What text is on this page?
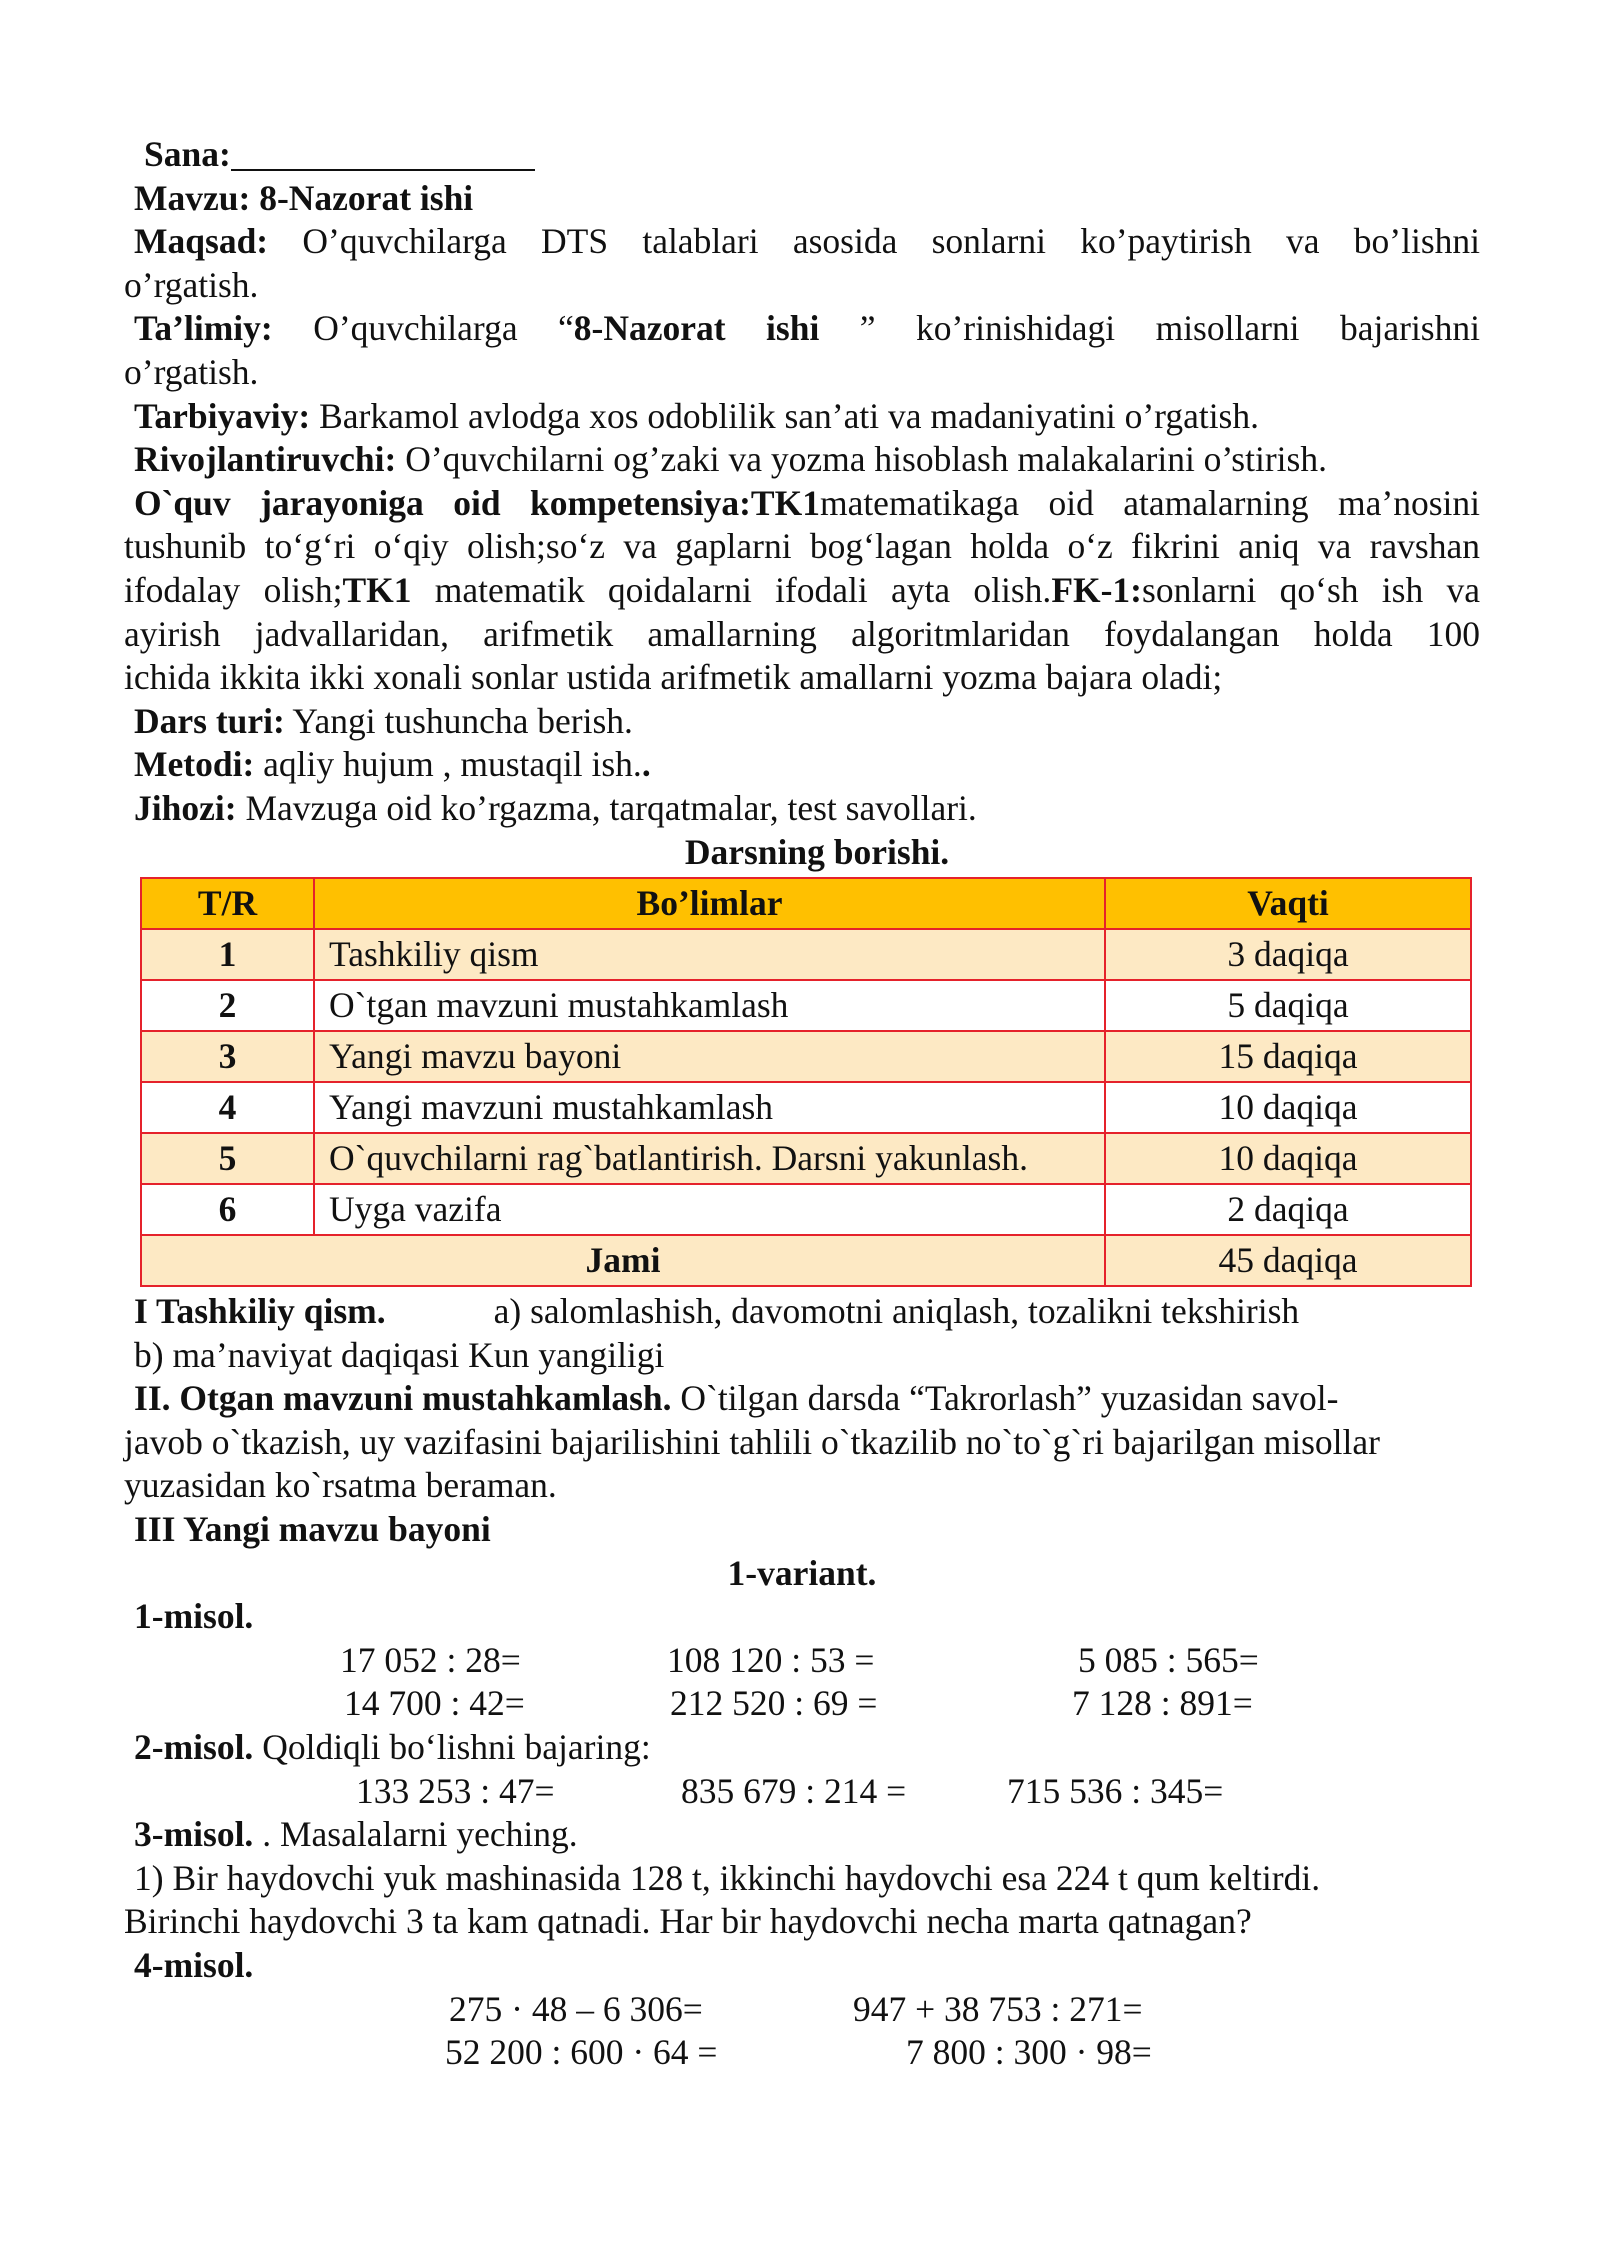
Sana:
Mavzu: 8-Nazorat ishi
Maqsad: O’quvchilarga DTS talablari asosida sonlarni ko’paytirish va bo’lishni
o’rgatish.
Ta’limiy: O’quvchilarga “8-Nazorat ishi ” ko’rinishidagi misollarni bajarishni
o’rgatish.
Tarbiyaviy: Barkamol avlodga xos odoblilik san’ati va madaniyatini o’rgatish.
Rivojlantiruvchi: O’quvchilarni og’zaki va yozma hisoblash malakalarini o’stirish.
O`quv jarayoniga oid kompetensiya:TK1matematikaga oid atamalarning ma’nosini
tushunib to‘g‘ri o‘qiy olish;so‘z va gaplarni bog‘lagan holda o‘z fikrini aniq va ravshan
ifodalay olish;TK1 matematik qoidalarni ifodali ayta olish.FK-1:sonlarni qo‘sh ish va
ayirish jadvallaridan, arifmetik amallarning algoritmlaridan foydalangan holda 100
ichida ikkita ikki xonali sonlar ustida arifmetik amallarni yozma bajara oladi;
Dars turi: Yangi tushuncha berish.
Metodi: aqliy hujum , mustaqil ish..
Jihozi: Mavzuga oid ko’rgazma, tarqatmalar, test savollari.
Darsning borishi.
T/R	Bo’limlar	Vaqti
1	Tashkiliy qism	3 daqiqa
2	O`tgan mavzuni mustahkamlash	5 daqiqa
3	Yangi mavzu bayoni	15 daqiqa
4	Yangi mavzuni mustahkamlash	10 daqiqa
5	O`quvchilarni rag`batlantirish. Darsni yakunlash.	10 daqiqa
6	Uyga vazifa	2 daqiqa
Jami		45 daqiqa
I Tashkiliy qism.	a) salomlashish, davomotni aniqlash, tozalikni tekshirish
b) ma’naviyat daqiqasi Kun yangiligi
II. Otgan mavzuni mustahkamlash. O`tilgan darsda “Takrorlash” yuzasidan savol-
javob o`tkazish, uy vazifasini bajarilishini tahlili o`tkazilib no`to`g`ri bajarilgan misollar
yuzasidan ko`rsatma beraman.
III Yangi mavzu bayoni
1-variant.
1-misol.
17 052 : 28=	108 120 : 53 =	5 085 : 565=
14 700 : 42=	212 520 : 69 =	7 128 : 891=
2-misol. Qoldiqli bo‘lishni bajaring:
133 253 : 47=	835 679 : 214 =	715 536 : 345=
3-misol. . Masalalarni yeching.
1) Bir haydovchi yuk mashinasida 128 t, ikkinchi haydovchi esa 224 t qum keltirdi.
Birinchi haydovchi 3 ta kam qatnadi. Har bir haydovchi necha marta qatnagan?
4-misol.
275 · 48 – 6 306=	947 + 38 753 : 271=
52 200 : 600 · 64 =	7 800 : 300 · 98=
